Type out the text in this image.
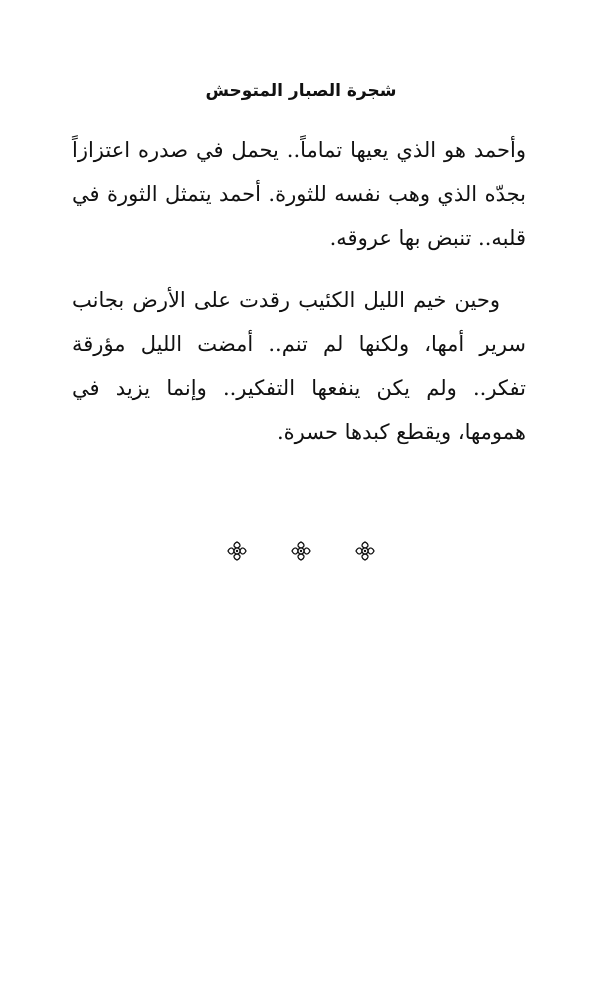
شجرة الصبار المتوحش

وأحمد هو الذي يعيها تماماً.. يحمل في صدره اعتزازاً بجدّه الذي وهب نفسه للثورة. أحمد يتمثل الثورة في قلبه.. تنبض بها عروقه.

وحين خيم الليل الكئيب رقدت على الأرض بجانب سرير أمها، ولكنها لم تنم.. أمضت الليل مؤرقة تفكر.. ولم يكن ينفعها التفكير.. وإنما يزيد في همومها، ويقطع كبدها حسرة.
